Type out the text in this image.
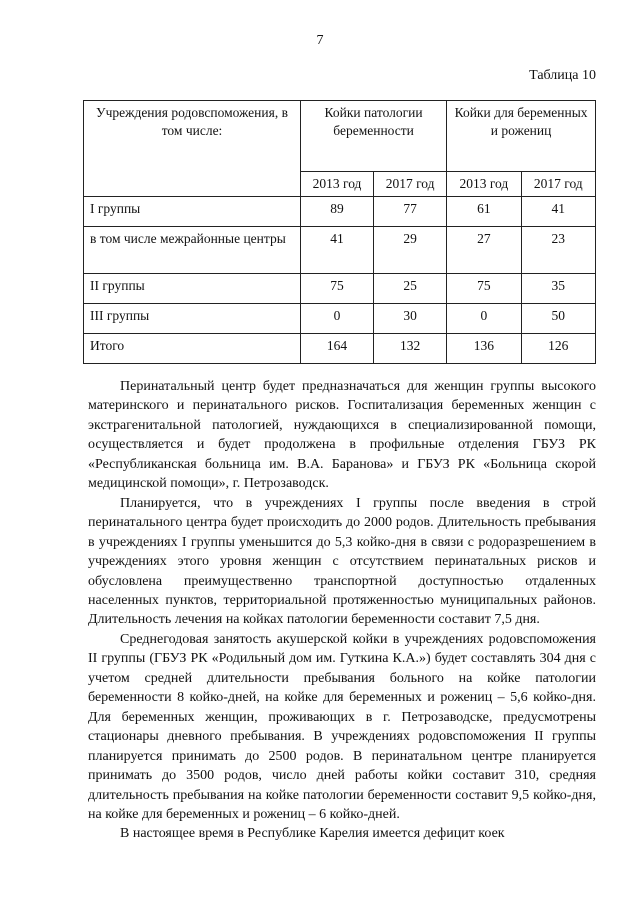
7
Таблица 10
Учреждения родовспоможения, в том числе:	Койки патологии беременности		Койки для беременных и рожениц	
	2013 год	2017 год	2013 год	2017 год
I группы	89	77	61	41
в том числе межрайонные центры	41	29	27	23
II группы	75	25	75	35
III группы	0	30	0	50
Итого	164	132	136	126

Перинатальный центр будет предназначаться для женщин группы высокого материнского и перинатального рисков. Госпитализация беременных женщин с экстрагенитальной патологией, нуждающихся в специализированной помощи, осуществляется и будет продолжена в профильные отделения ГБУЗ РК «Республиканская больница им. В.А. Баранова» и ГБУЗ РК «Больница скорой медицинской помощи», г. Петрозаводск.

Планируется, что в учреждениях I группы после введения в строй перинатального центра будет происходить до 2000 родов. Длительность пребывания в учреждениях I группы уменьшится до 5,3 койко-дня в связи с родоразрешением в учреждениях этого уровня женщин с отсутствием перинатальных рисков и обусловлена преимущественно транспортной доступностью отдаленных населенных пунктов, территориальной протяженностью муниципальных районов. Длительность лечения на койках патологии беременности составит 7,5 дня.

Среднегодовая занятость акушерской койки в учреждениях родовспоможения II группы (ГБУЗ РК «Родильный дом им. Гуткина К.А.») будет составлять 304 дня с учетом средней длительности пребывания больного на койке патологии беременности 8 койко-дней, на койке для беременных и рожениц – 5,6 койко-дня. Для беременных женщин, проживающих в г. Петрозаводске, предусмотрены стационары дневного пребывания. В учреждениях родовспоможения II группы планируется принимать до 2500 родов. В перинатальном центре планируется принимать до 3500 родов, число дней работы койки составит 310, средняя длительность пребывания на койке патологии беременности составит 9,5 койко-дня, на койке для беременных и рожениц – 6 койко-дней.

В настоящее время в Республике Карелия имеется дефицит коек
